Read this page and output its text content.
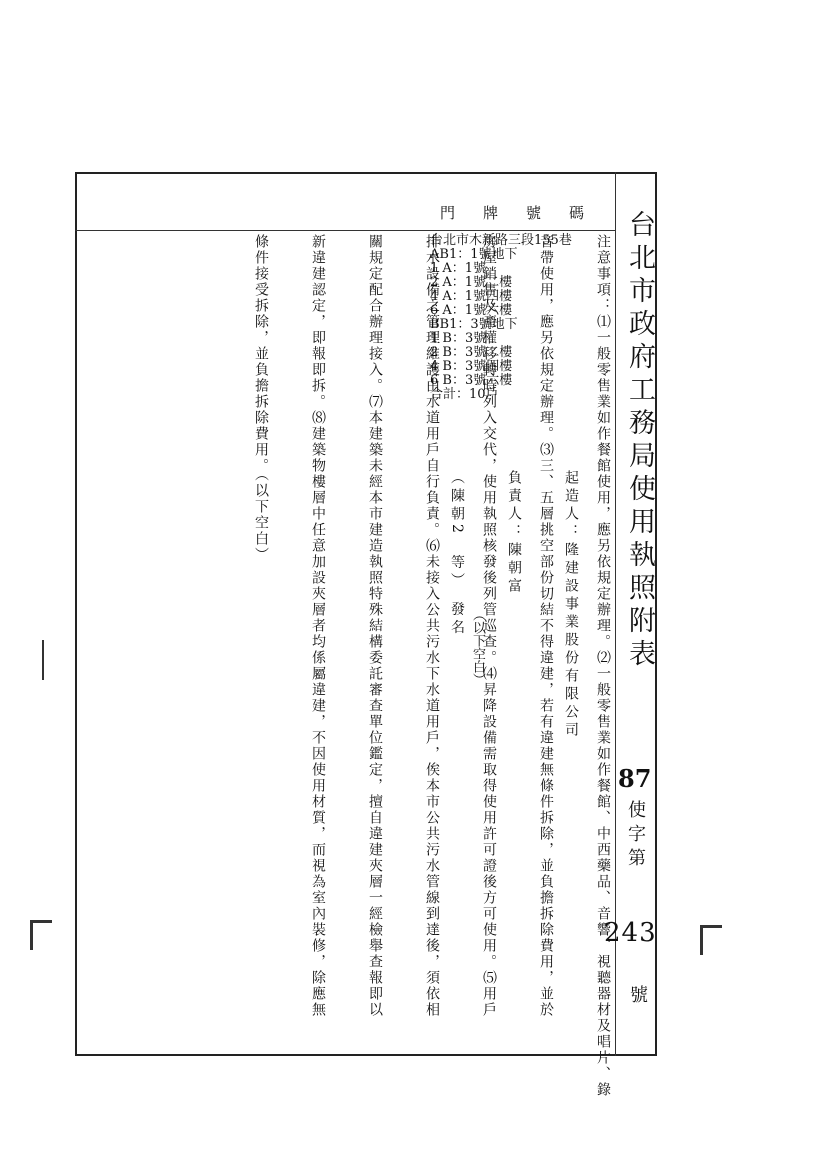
台北市政府工務局使用執照附表
87
使字第
243
號
門牌號碼
台北市木新路三段155巷
AB1：1號地下
1 A：1號
2 A：1號二樓
4 A：1號四樓
6 A：1號六樓
BB1：3號地下
1 B：3號
2 B：3號二樓
4 B：3號四樓
6 B：3號六樓
合計：10戶

起造人：隆建設事業股份有限公司

負責人：陳朝富

（陳朝2　等）　發名

（以下空白）

	注意事項：⑴一般零售業如作餐館使用，應另依規定辦理。⑵一般零售業如作餐館、中西藥品、音響、視聽器材及唱片、錄

音帶使用，應另依規定辦理。⑶三、五層挑空部份切結不得違建，若有違建無條件拆除，並負擔拆除費用，並於

房屋銷售及產權移轉時列入交代，使用執照核發後列管巡查。⑷昇降設備需取得使用許可證後方可使用。⑸用戶

排水設備之管理維護由水道用戶自行負責。⑹未接入公共污水下水道用戶，俟本市公共污水管線到達後，須依相

關規定配合辦理接入。⑺本建築未經本市建造執照特殊結構委託審查單位鑑定，擅自違建夾層一經檢舉查報即以

新違建認定，即報即拆。⑻建築物樓層中任意加設夾層者均係屬違建，不因使用材質，而視為室內裝修，除應無

條件接受拆除，並負擔拆除費用。（以下空白）
